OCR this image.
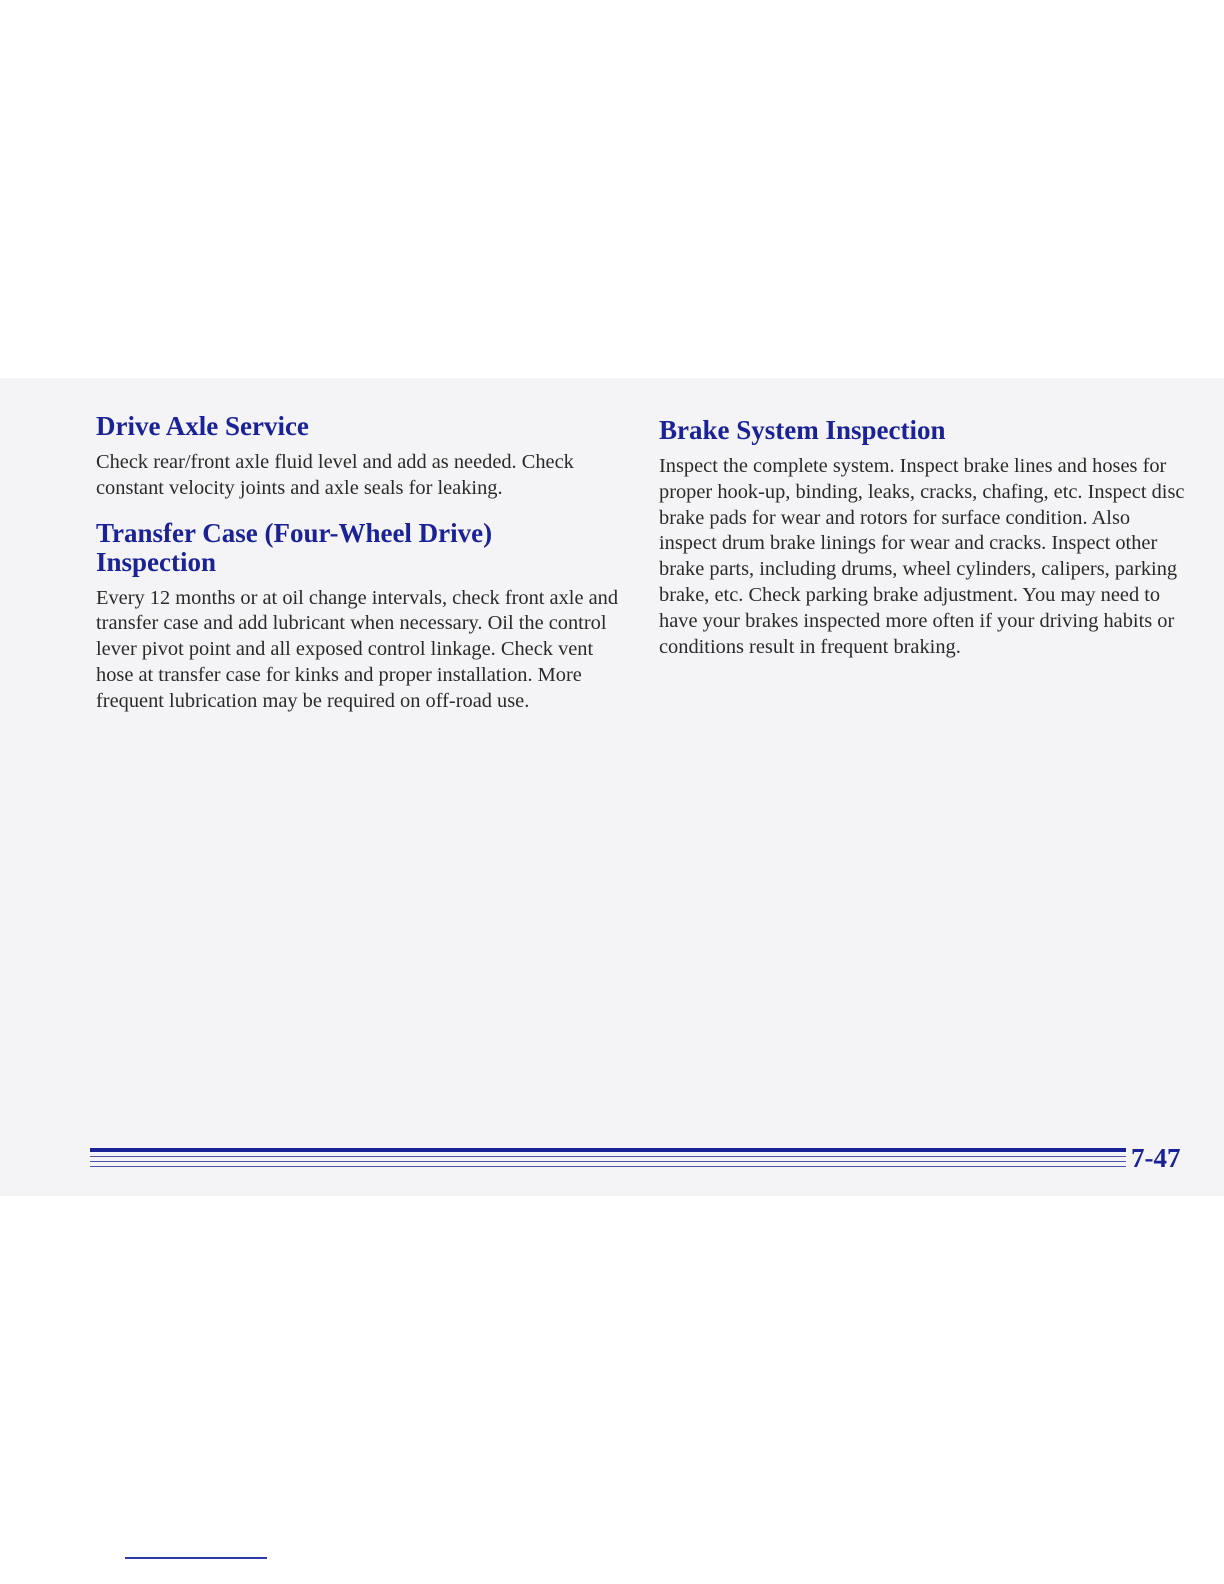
Drive Axle Service

Check rear/front axle fluid level and add as needed. Check constant velocity joints and axle seals for leaking.

Transfer Case (Four-Wheel Drive)
Inspection

Every 12 months or at oil change intervals, check front axle and transfer case and add lubricant when necessary. Oil the control lever pivot point and all exposed control linkage. Check vent hose at transfer case for kinks and proper installation. More frequent lubrication may be required on off-road use.

Brake System Inspection

Inspect the complete system. Inspect brake lines and hoses for proper hook-up, binding, leaks, cracks, chafing, etc. Inspect disc brake pads for wear and rotors for surface condition. Also inspect drum brake linings for wear and cracks. Inspect other brake parts, including drums, wheel cylinders, calipers, parking brake, etc. Check parking brake adjustment. You may need to have your brakes inspected more often if your driving habits or conditions result in frequent braking.

7-47
